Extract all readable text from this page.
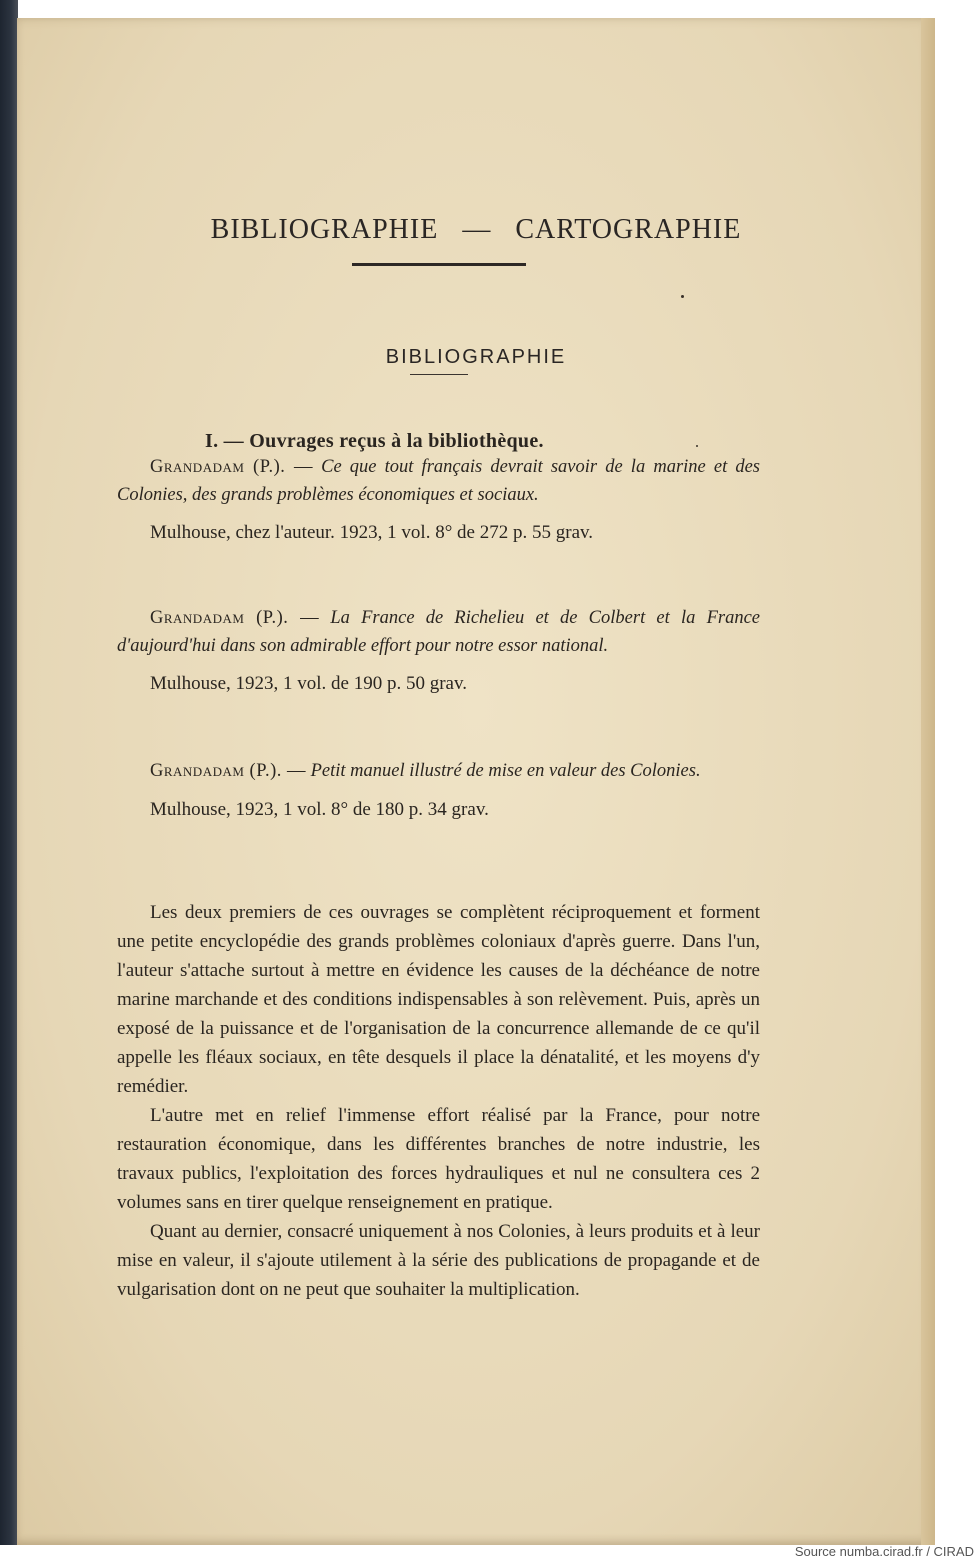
BIBLIOGRAPHIE — CARTOGRAPHIE
BIBLIOGRAPHIE
I. — Ouvrages reçus à la bibliothèque.
Grandadam (P.). — Ce que tout français devrait savoir de la marine et des Colonies, des grands problèmes économiques et sociaux.
Mulhouse, chez l'auteur. 1923, 1 vol. 8° de 272 p. 55 grav.
Grandadam (P.). — La France de Richelieu et de Colbert et la France d'aujourd'hui dans son admirable effort pour notre essor national.
Mulhouse, 1923, 1 vol. de 190 p. 50 grav.
Grandadam (P.). — Petit manuel illustré de mise en valeur des Colonies.
Mulhouse, 1923, 1 vol. 8° de 180 p. 34 grav.

Les deux premiers de ces ouvrages se complètent réciproquement et forment une petite encyclopédie des grands problèmes coloniaux d'après guerre. Dans l'un, l'auteur s'attache surtout à mettre en évidence les causes de la déchéance de notre marine marchande et des conditions indispensables à son relèvement. Puis, après un exposé de la puissance et de l'organisation de la concurrence allemande de ce qu'il appelle les fléaux sociaux, en tête desquels il place la dénatalité, et les moyens d'y remédier.

L'autre met en relief l'immense effort réalisé par la France, pour notre restauration économique, dans les différentes branches de notre industrie, les travaux publics, l'exploitation des forces hydrauliques et nul ne consultera ces 2 volumes sans en tirer quelque renseignement en pratique.

Quant au dernier, consacré uniquement à nos Colonies, à leurs produits et à leur mise en valeur, il s'ajoute utilement à la série des publications de propagande et de vulgarisation dont on ne peut que souhaiter la multiplication.

Source numba.cirad.fr / CIRAD
